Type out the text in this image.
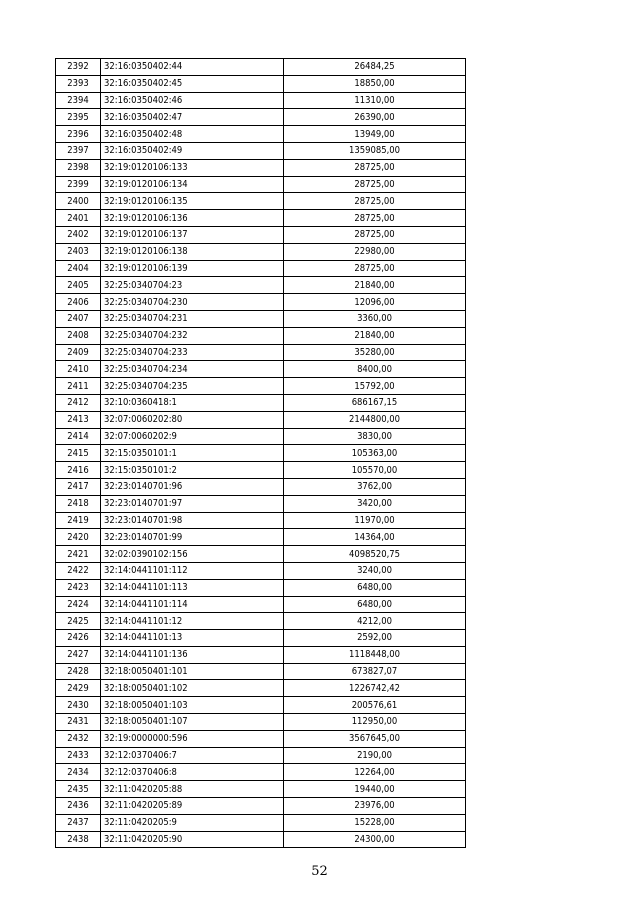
2392	32:16:0350402:44	26484,25
2393	32:16:0350402:45	18850,00
2394	32:16:0350402:46	11310,00
2395	32:16:0350402:47	26390,00
2396	32:16:0350402:48	13949,00
2397	32:16:0350402:49	1359085,00
2398	32:19:0120106:133	28725,00
2399	32:19:0120106:134	28725,00
2400	32:19:0120106:135	28725,00
2401	32:19:0120106:136	28725,00
2402	32:19:0120106:137	28725,00
2403	32:19:0120106:138	22980,00
2404	32:19:0120106:139	28725,00
2405	32:25:0340704:23	21840,00
2406	32:25:0340704:230	12096,00
2407	32:25:0340704:231	3360,00
2408	32:25:0340704:232	21840,00
2409	32:25:0340704:233	35280,00
2410	32:25:0340704:234	8400,00
2411	32:25:0340704:235	15792,00
2412	32:10:0360418:1	686167,15
2413	32:07:0060202:80	2144800,00
2414	32:07:0060202:9	3830,00
2415	32:15:0350101:1	105363,00
2416	32:15:0350101:2	105570,00
2417	32:23:0140701:96	3762,00
2418	32:23:0140701:97	3420,00
2419	32:23:0140701:98	11970,00
2420	32:23:0140701:99	14364,00
2421	32:02:0390102:156	4098520,75
2422	32:14:0441101:112	3240,00
2423	32:14:0441101:113	6480,00
2424	32:14:0441101:114	6480,00
2425	32:14:0441101:12	4212,00
2426	32:14:0441101:13	2592,00
2427	32:14:0441101:136	1118448,00
2428	32:18:0050401:101	673827,07
2429	32:18:0050401:102	1226742,42
2430	32:18:0050401:103	200576,61
2431	32:18:0050401:107	112950,00
2432	32:19:0000000:596	3567645,00
2433	32:12:0370406:7	2190,00
2434	32:12:0370406:8	12264,00
2435	32:11:0420205:88	19440,00
2436	32:11:0420205:89	23976,00
2437	32:11:0420205:9	15228,00
2438	32:11:0420205:90	24300,00
52
